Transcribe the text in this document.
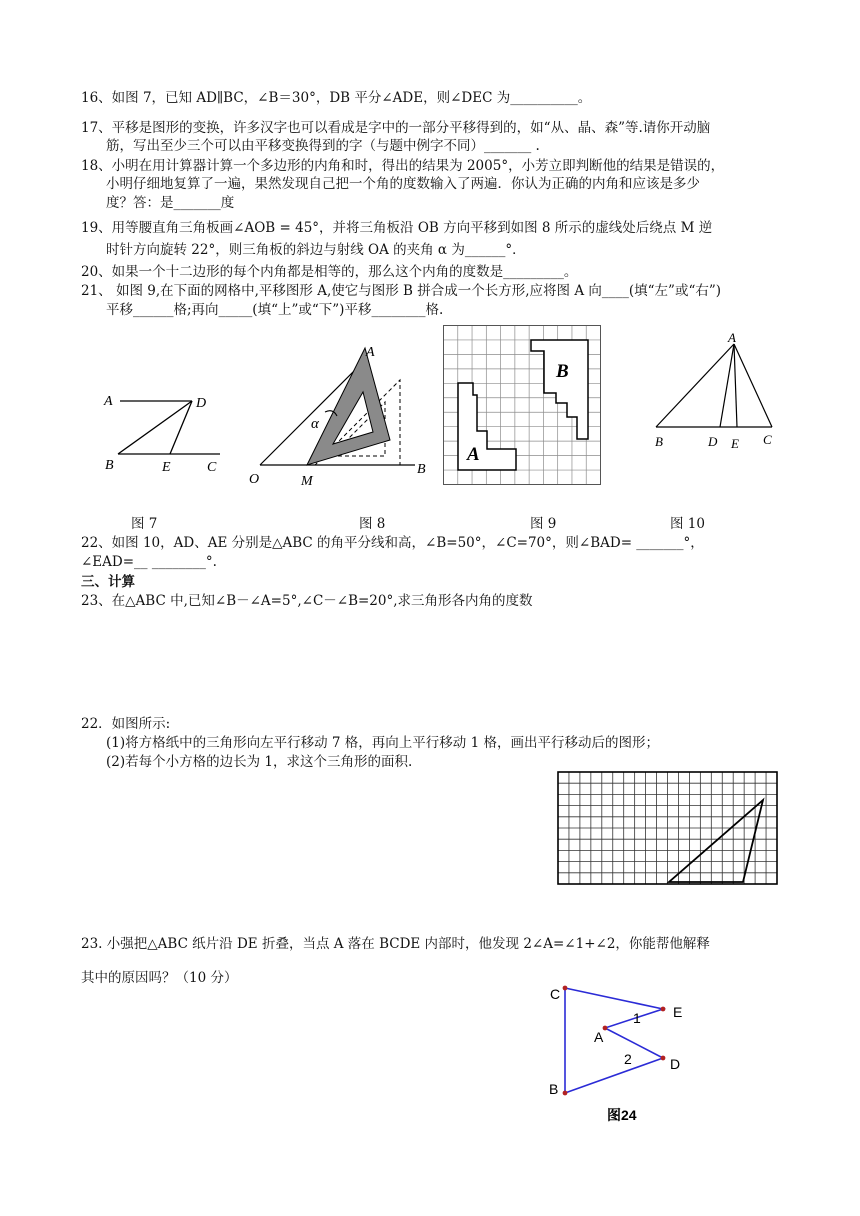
16、如图 7，已知 AD∥BC，∠B＝30°，DB 平分∠ADE，则∠DEC 为__________。
17、平移是图形的变换，许多汉字也可以看成是字中的一部分平移得到的，如“从、晶、森”等.请你开动脑
筋，写出至少三个可以由平移变换得到的字（与题中例字不同）_______ .
18、小明在用计算器计算一个多边形的内角和时，得出的结果为 2005°，小芳立即判断他的结果是错误的，
小明仔细地复算了一遍，果然发现自己把一个角的度数输入了两遍．你认为正确的内角和应该是多少
度？答：是_______度
19、用等腰直角三角板画∠AOB = 45°，并将三角板沿 OB 方向平移到如图 8 所示的虚线处后绕点 M 逆
时针方向旋转 22°，则三角板的斜边与射线 OA 的夹角 α 为______°．
20、如果一个十二边形的每个内角都是相等的，那么这个内角的度数是_________。
21、 如图 9,在下面的网格中,平移图形 A,使它与图形 B 拼合成一个长方形,应将图 A 向____(填“左”或“右”)
平移______格;再向_____(填“上”或“下”)平移________格.
A	D
B	E	C
A
α
O	M
B
B
A
A
B	D E C
图 7	图 8	图 9	图 10
22、如图 10，AD、AE 分别是△ABC 的角平分线和高，∠B=50°，∠C=70°，则∠BAD= _______°，
∠EAD=__ ________°.
三、计算
23、在△ABC 中,已知∠B－∠A=5°,∠C－∠B=20°,求三角形各内角的度数
22．如图所示:
(1)将方格纸中的三角形向左平行移动 7 格，再向上平行移动 1 格，画出平行移动后的图形；
(2)若每个小方格的边长为 1，求这个三角形的面积.
23. 小强把△ABC 纸片沿 DE 折叠，当点 A 落在 BCDE 内部时，他发现 2∠A=∠1+∠2，你能帮他解释
其中的原因吗？（10 分）
C
E
1
A
2	D
B
图24
